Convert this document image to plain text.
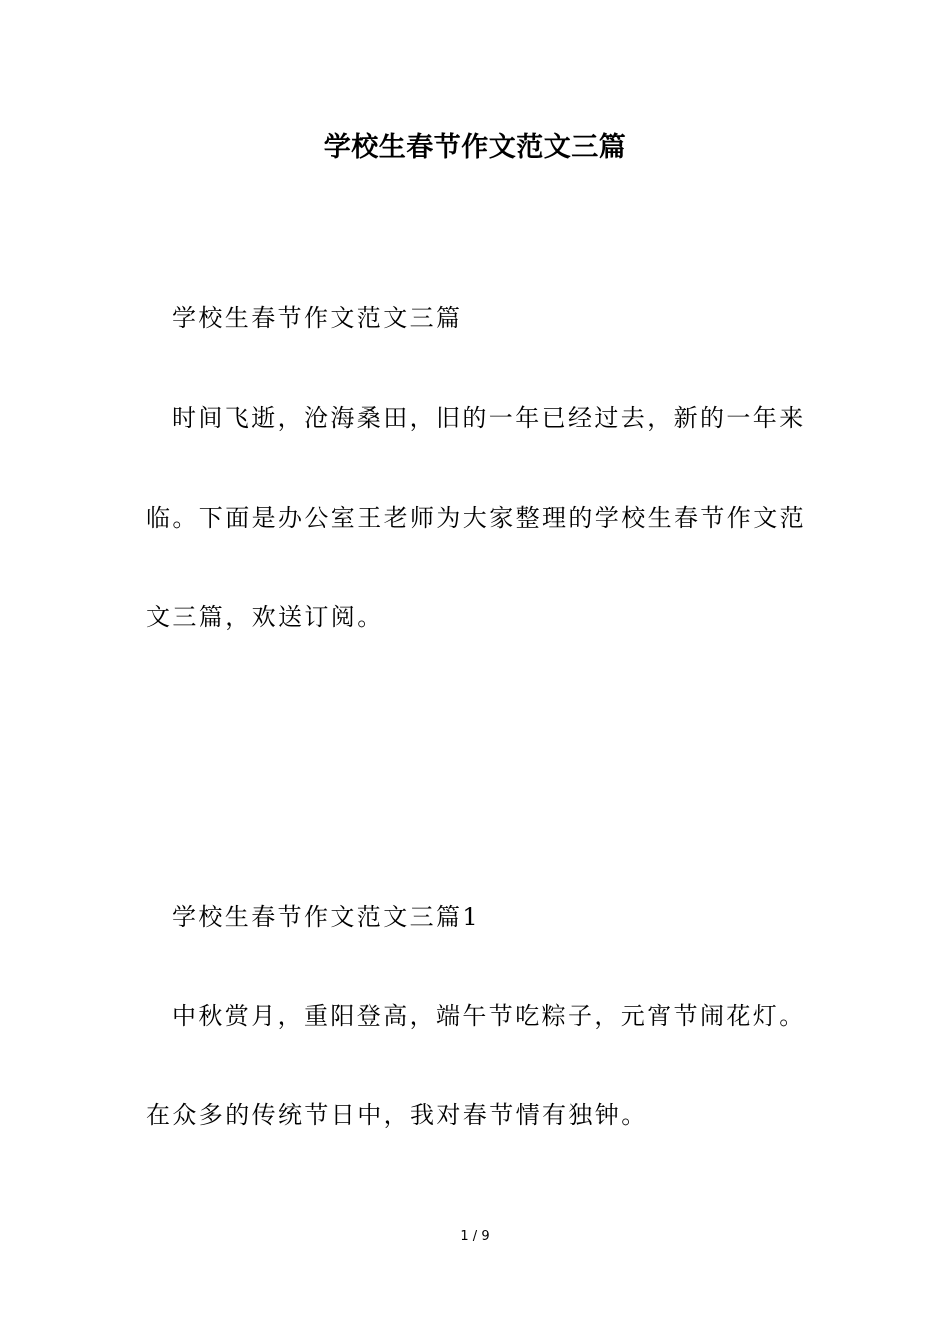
学校生春节作文范文三篇
学校生春节作文范文三篇
时间飞逝，沧海桑田，旧的一年已经过去，新的一年来
临。下面是办公室王老师为大家整理的学校生春节作文范
文三篇，欢送订阅。
学校生春节作文范文三篇1
中秋赏月，重阳登高，端午节吃粽子，元宵节闹花灯。
在众多的传统节日中，我对春节情有独钟。
1 / 9
